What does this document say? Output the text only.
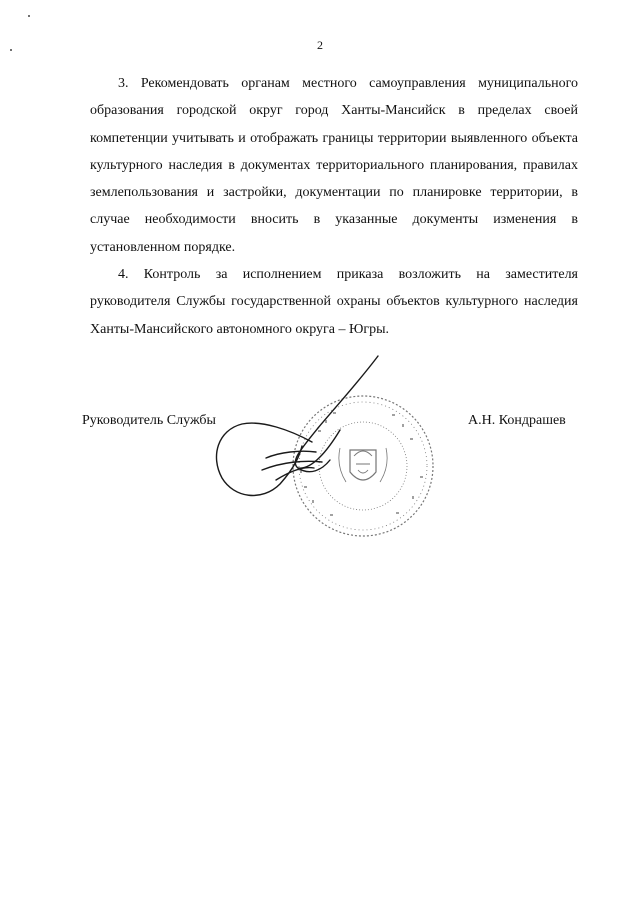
2

3. Рекомендовать органам местного самоуправления муниципального образования городской округ город Ханты-Мансийск в пределах своей компетенции учитывать и отображать границы территории выявленного объекта культурного наследия в документах территориального планирования, правилах землепользования и застройки, документации по планировке территории, в случае необходимости вносить в указанные документы изменения в установленном порядке.

4. Контроль за исполнением приказа возложить на заместителя руководителя Службы государственной охраны объектов культурного наследия Ханты-Мансийского автономного округа – Югры.

Руководитель Службы	А.Н. Кондрашев
